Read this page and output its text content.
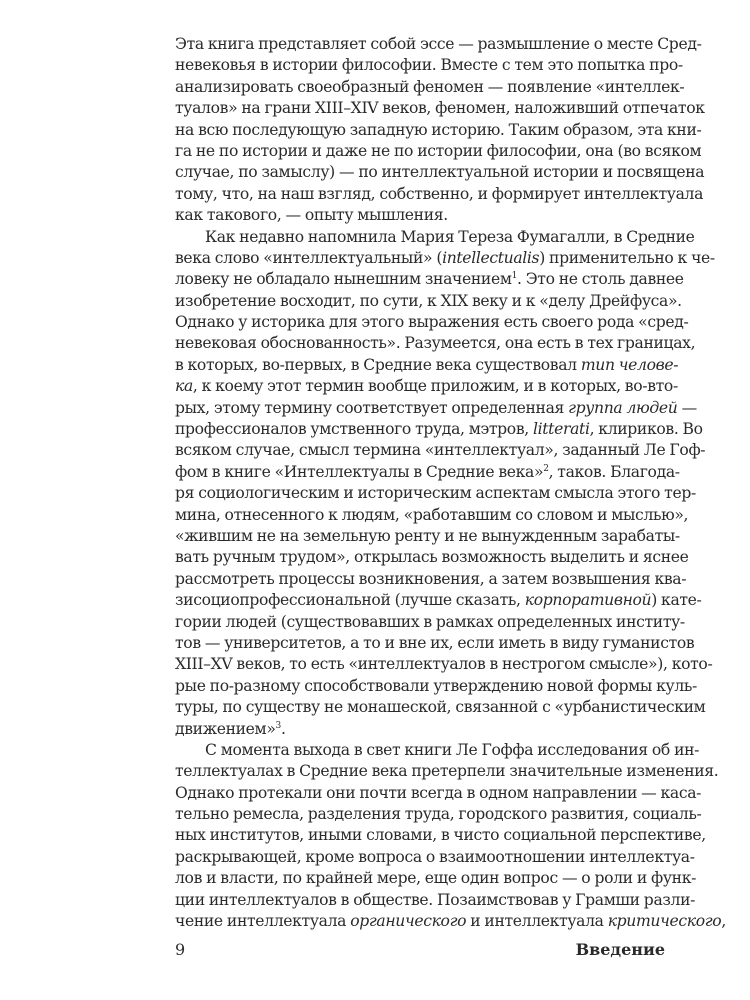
Эта книга представляет собой эссе — размышление о месте Сред-
невековья в истории философии. Вместе с тем это попытка про-
анализировать своеобразный феномен — появление «интеллек-
туалов» на грани XIII–XIV веков, феномен, наложивший отпечаток
на всю последующую западную историю. Таким образом, эта кни-
га не по истории и даже не по истории философии, она (во всяком
случае, по замыслу) — по интеллектуальной истории и посвящена
тому, что, на наш взгляд, собственно, и формирует интеллектуала
как такового, — опыту мышления.
Как недавно напомнила Мария Тереза Фумагалли, в Средние
века слово «интеллектуальный» (intellectualis) применительно к че-
ловеку не обладало нынешним значением$^1$. Это не столь давнее
изобретение восходит, по сути, к XIX веку и к «делу Дрейфуса».
Однако у историка для этого выражения есть своего рода «сред-
невековая обоснованность». Разумеется, она есть в тех границах,
в которых, во-первых, в Средние века существовал тип челове-
ка, к коему этот термин вообще приложим, и в которых, во-вто-
рых, этому термину соответствует определенная группа людей —
профессионалов умственного труда, мэтров, litterati, клириков. Во
всяком случае, смысл термина «интеллектуал», заданный Ле Гоф-
фом в книге «Интеллектуалы в Средние века»$^2$, таков. Благода-
ря социологическим и историческим аспектам смысла этого тер-
мина, отнесенного к людям, «работавшим со словом и мыслью»,
«жившим не на земельную ренту и не вынужденным зарабаты-
вать ручным трудом», открылась возможность выделить и яснее
рассмотреть процессы возникновения, а затем возвышения ква-
зисоциопрофессиональной (лучше сказать, корпоративной) кате-
гории людей (существовавших в рамках определенных институ-
тов — университетов, а то и вне их, если иметь в виду гуманистов
XIII–XV веков, то есть «интеллектуалов в нестрогом смысле»), кото-
рые по-разному способствовали утверждению новой формы куль-
туры, по существу не монашеской, связанной с «урбанистическим
движением»$^3$.
С момента выхода в свет книги Ле Гоффа исследования об ин-
теллектуалах в Средние века претерпели значительные изменения.
Однако протекали они почти всегда в одном направлении — каса-
тельно ремесла, разделения труда, городского развития, социаль-
ных институтов, иными словами, в чисто социальной перспективе,
раскрывающей, кроме вопроса о взаимоотношении интеллектуа-
лов и власти, по крайней мере, еще один вопрос — о роли и функ-
ции интеллектуалов в обществе. Позаимствовав у Грамши разли-
чение интеллектуала органического и интеллектуала критического,
9	Введение
